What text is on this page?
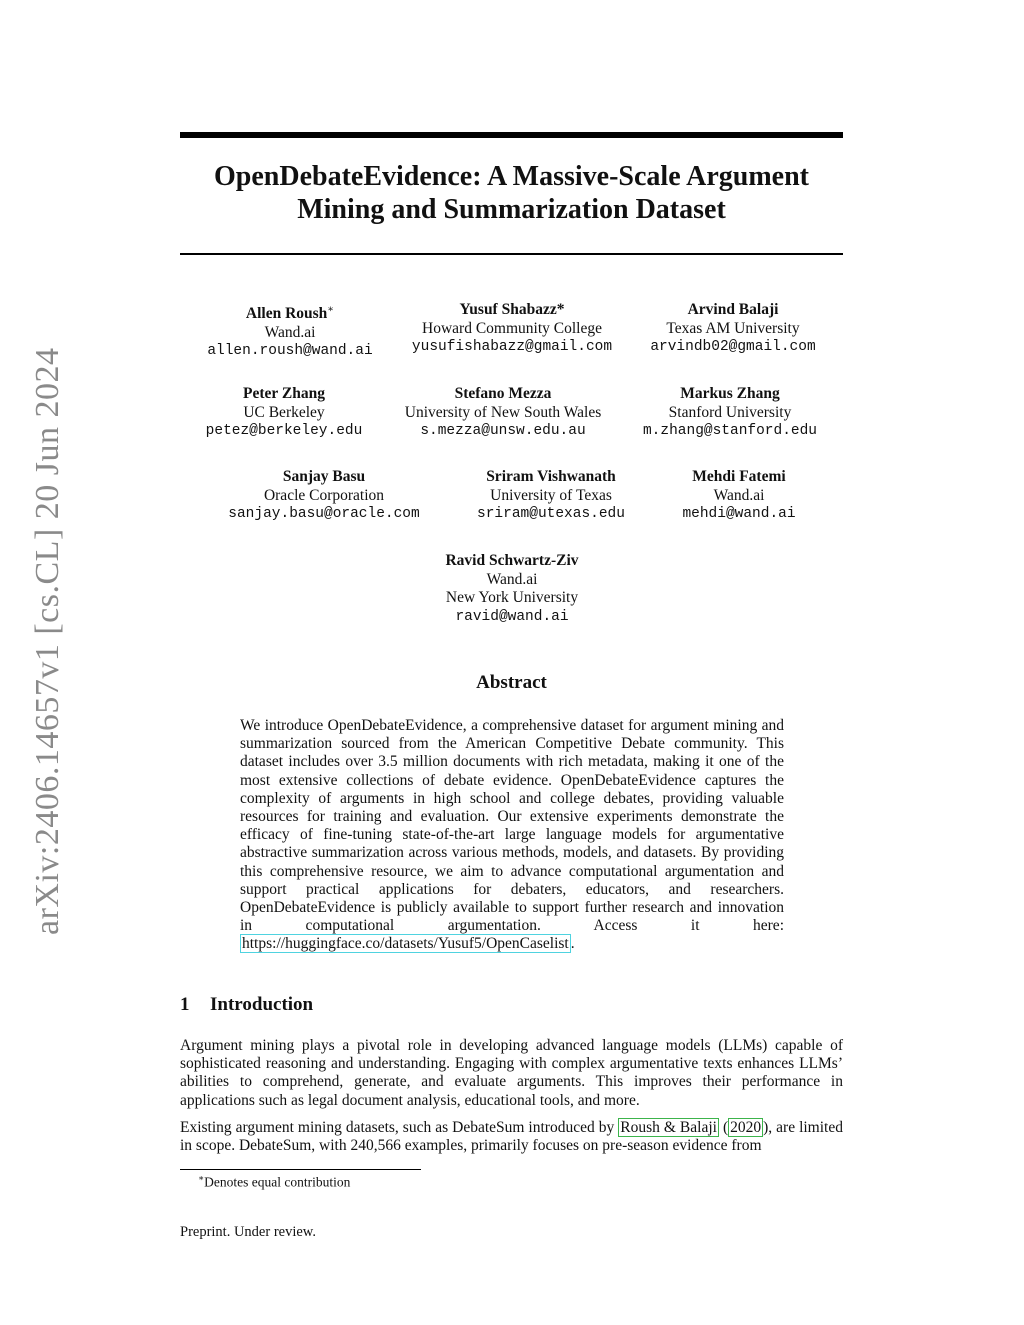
arXiv:2406.14657v1 [cs.CL] 20 Jun 2024
OpenDebateEvidence: A Massive-Scale Argument
Mining and Summarization Dataset
Allen Roush∗
Wand.ai
allen.roush@wand.ai
Yusuf Shabazz*
Howard Community College
yusufishabazz@gmail.com
Arvind Balaji
Texas AM University
arvindb02@gmail.com
Peter Zhang
UC Berkeley
petez@berkeley.edu
Stefano Mezza
University of New South Wales
s.mezza@unsw.edu.au
Markus Zhang
Stanford University
m.zhang@stanford.edu
Sanjay Basu
Oracle Corporation
sanjay.basu@oracle.com
Sriram Vishwanath
University of Texas
sriram@utexas.edu
Mehdi Fatemi
Wand.ai
mehdi@wand.ai
Ravid Schwartz-Ziv
Wand.ai
New York University
ravid@wand.ai
Abstract
We introduce OpenDebateEvidence, a comprehensive dataset for argument mining and summarization sourced from the American Competitive Debate community. This dataset includes over 3.5 million documents with rich metadata, making it one of the most extensive collections of debate evidence. OpenDebateEvidence captures the complexity of arguments in high school and college debates, providing valuable resources for training and evaluation. Our extensive experiments demonstrate the efficacy of fine-tuning state-of-the-art large language models for argumentative abstractive summarization across various methods, models, and datasets. By providing this comprehensive resource, we aim to advance computational argumentation and support practical applications for debaters, educators, and researchers. OpenDebateEvidence is publicly available to support further research and innovation in computational argumentation. Access it here: https://huggingface.co/datasets/Yusuf5/OpenCaselist .
1 Introduction

Argument mining plays a pivotal role in developing advanced language models (LLMs) capable of sophisticated reasoning and understanding. Engaging with complex argumentative texts enhances LLMs’ abilities to comprehend, generate, and evaluate arguments. This improves their performance in applications such as legal document analysis, educational tools, and more.

Existing argument mining datasets, such as DebateSum introduced by Roush & Balaji ( 2020 ), are limited in scope. DebateSum, with 240,566 examples, primarily focuses on pre-season evidence from

∗Denotes equal contribution
Preprint. Under review.
